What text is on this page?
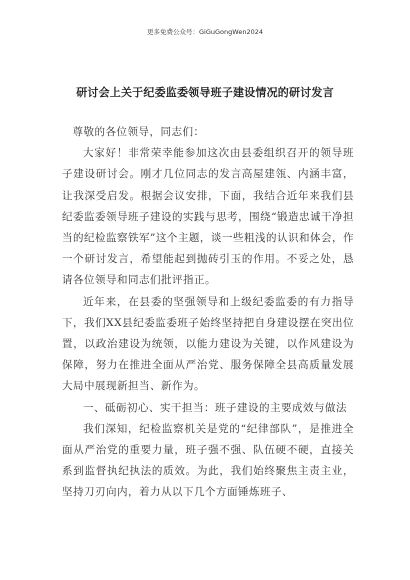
更多免费公众号：GiGuGongWen2024
研讨会上关于纪委监委领导班子建设情况的研讨发言

尊敬的各位领导，同志们：

大家好！非常荣幸能参加这次由县委组织召开的领导班子建设研讨会。刚才几位同志的发言高屋建瓴、内涵丰富，让我深受启发。根据会议安排，下面，我结合近年来我们县纪委监委领导班子建设的实践与思考，围绕“锻造忠诚干净担当的纪检监察铁军”这个主题，谈一些粗浅的认识和体会，作一个研讨发言，希望能起到抛砖引玉的作用。不妥之处，恳请各位领导和同志们批评指正。

近年来，在县委的坚强领导和上级纪委监委的有力指导下，我们XX县纪委监委班子始终坚持把自身建设摆在突出位置，以政治建设为统领，以能力建设为关键，以作风建设为保障，努力在推进全面从严治党、服务保障全县高质量发展大局中展现新担当、新作为。

一、砥砺初心、实干担当：班子建设的主要成效与做法

我们深知，纪检监察机关是党的“纪律部队”，是推进全面从严治党的重要力量，班子强不强、队伍硬不硬，直接关系到监督执纪执法的质效。为此，我们始终聚焦主责主业，坚持刀刃向内，着力从以下几个方面锤炼班子、
